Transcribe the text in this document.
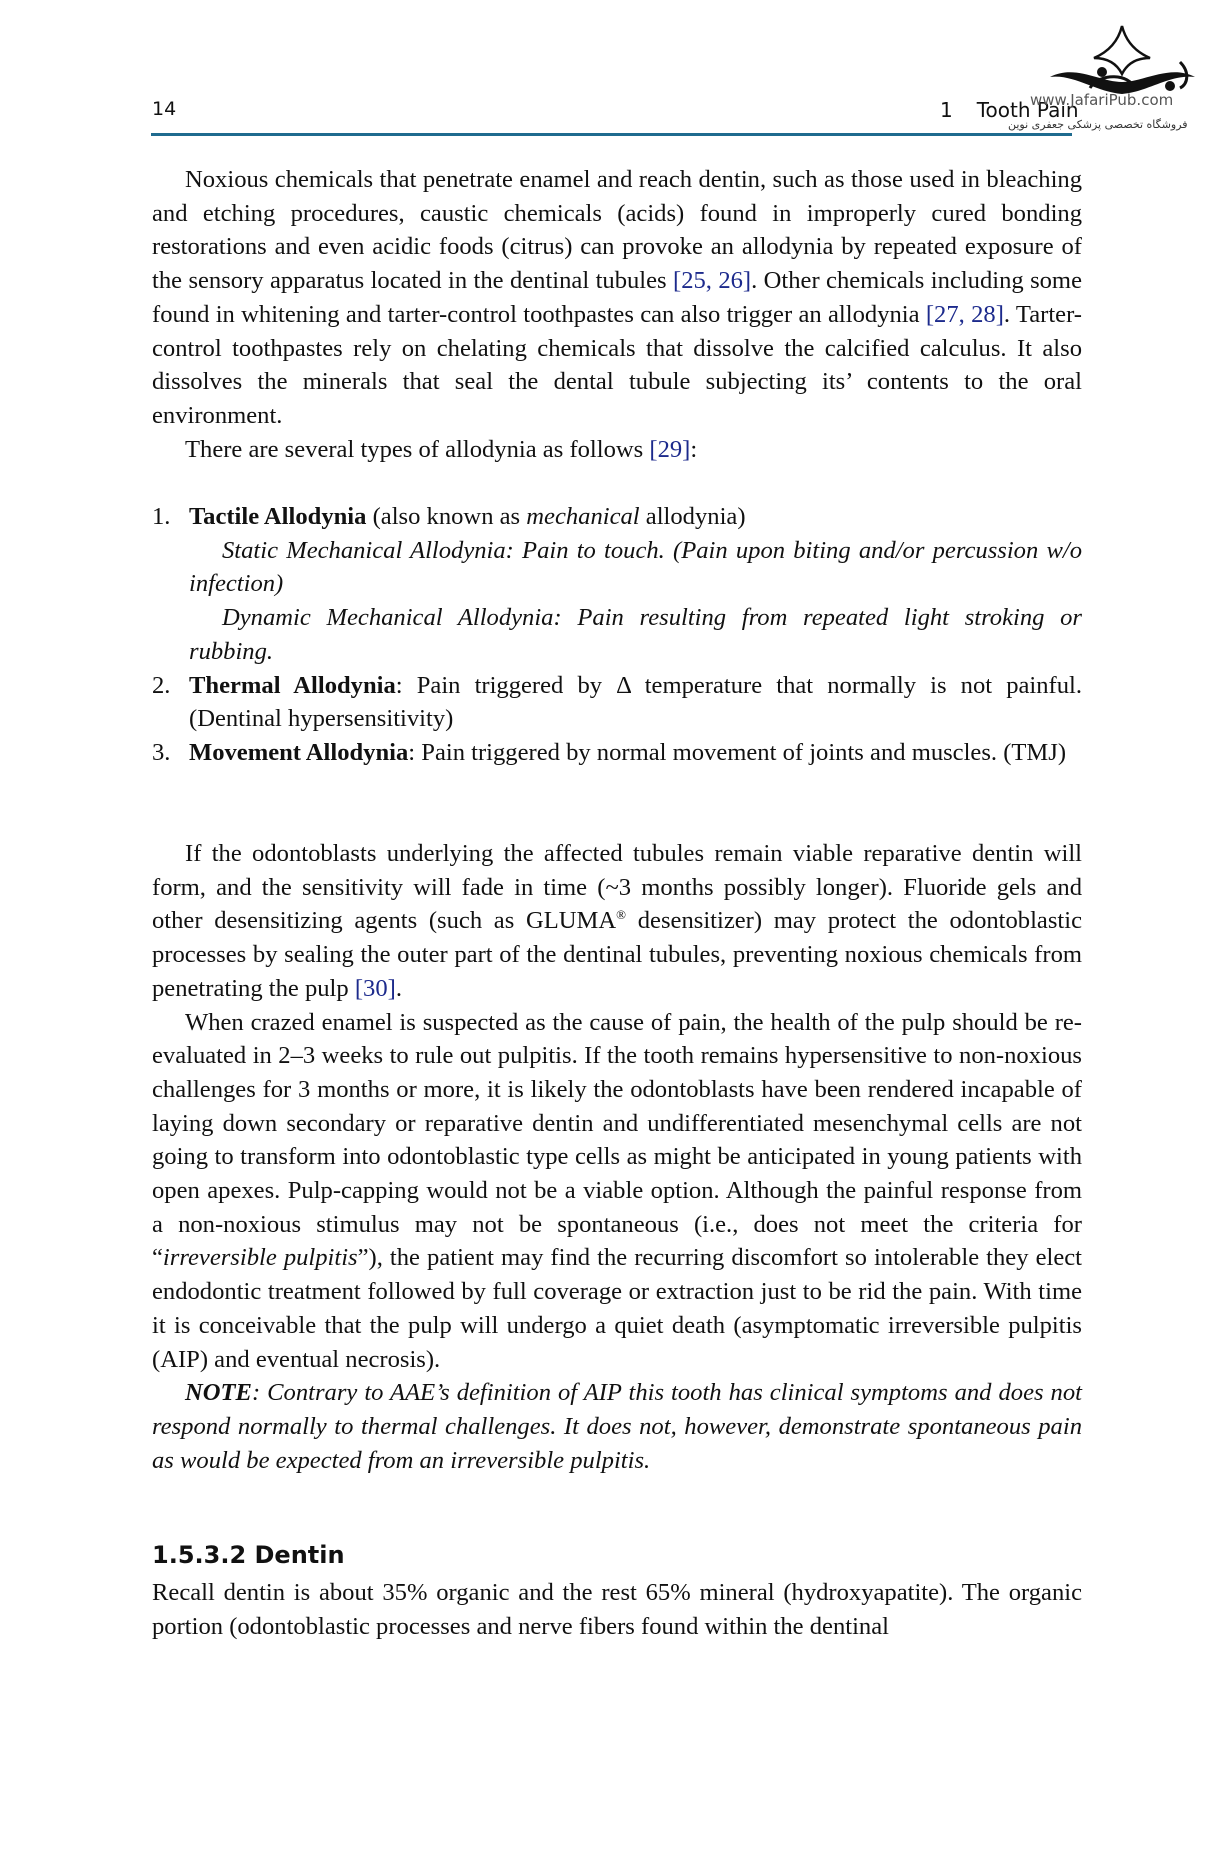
14	1 Tooth Pain
www.JafariPub.com
فروشگاه تخصصی پزشکی جعفری نوین

Noxious chemicals that penetrate enamel and reach dentin, such as those used in bleaching and etching procedures, caustic chemicals (acids) found in improperly cured bonding restorations and even acidic foods (citrus) can provoke an allodynia by repeated exposure of the sensory apparatus located in the dentinal tubules [25, 26]. Other chemicals including some found in whitening and tarter-control toothpastes can also trigger an allodynia [27, 28]. Tarter-control toothpastes rely on chelating chemicals that dissolve the calcified calculus. It also dissolves the minerals that seal the dental tubule subjecting its’ contents to the oral environment.

There are several types of allodynia as follows [29]:

1. Tactile Allodynia (also known as mechanical allodynia)
Static Mechanical Allodynia: Pain to touch. (Pain upon biting and/or percussion w/o infection)
Dynamic Mechanical Allodynia: Pain resulting from repeated light stroking or rubbing.
2. Thermal Allodynia: Pain triggered by Δ temperature that normally is not painful. (Dentinal hypersensitivity)
3. Movement Allodynia: Pain triggered by normal movement of joints and muscles. (TMJ)

If the odontoblasts underlying the affected tubules remain viable reparative dentin will form, and the sensitivity will fade in time (~3 months possibly longer). Fluoride gels and other desensitizing agents (such as GLUMA® desensitizer) may protect the odontoblastic processes by sealing the outer part of the dentinal tubules, preventing noxious chemicals from penetrating the pulp [30].

When crazed enamel is suspected as the cause of pain, the health of the pulp should be re-evaluated in 2–3 weeks to rule out pulpitis. If the tooth remains hypersensitive to non-noxious challenges for 3 months or more, it is likely the odontoblasts have been rendered incapable of laying down secondary or reparative dentin and undifferentiated mesenchymal cells are not going to transform into odontoblastic type cells as might be anticipated in young patients with open apexes. Pulp-capping would not be a viable option. Although the painful response from a non-noxious stimulus may not be spontaneous (i.e., does not meet the criteria for “irreversible pulpitis”), the patient may find the recurring discomfort so intolerable they elect endodontic treatment followed by full coverage or extraction just to be rid the pain. With time it is conceivable that the pulp will undergo a quiet death (asymptomatic irreversible pulpitis (AIP) and eventual necrosis).

NOTE: Contrary to AAE’s definition of AIP this tooth has clinical symptoms and does not respond normally to thermal challenges. It does not, however, demonstrate spontaneous pain as would be expected from an irreversible pulpitis.

1.5.3.2 Dentin

Recall dentin is about 35% organic and the rest 65% mineral (hydroxyapatite). The organic portion (odontoblastic processes and nerve fibers found within the dentinal
